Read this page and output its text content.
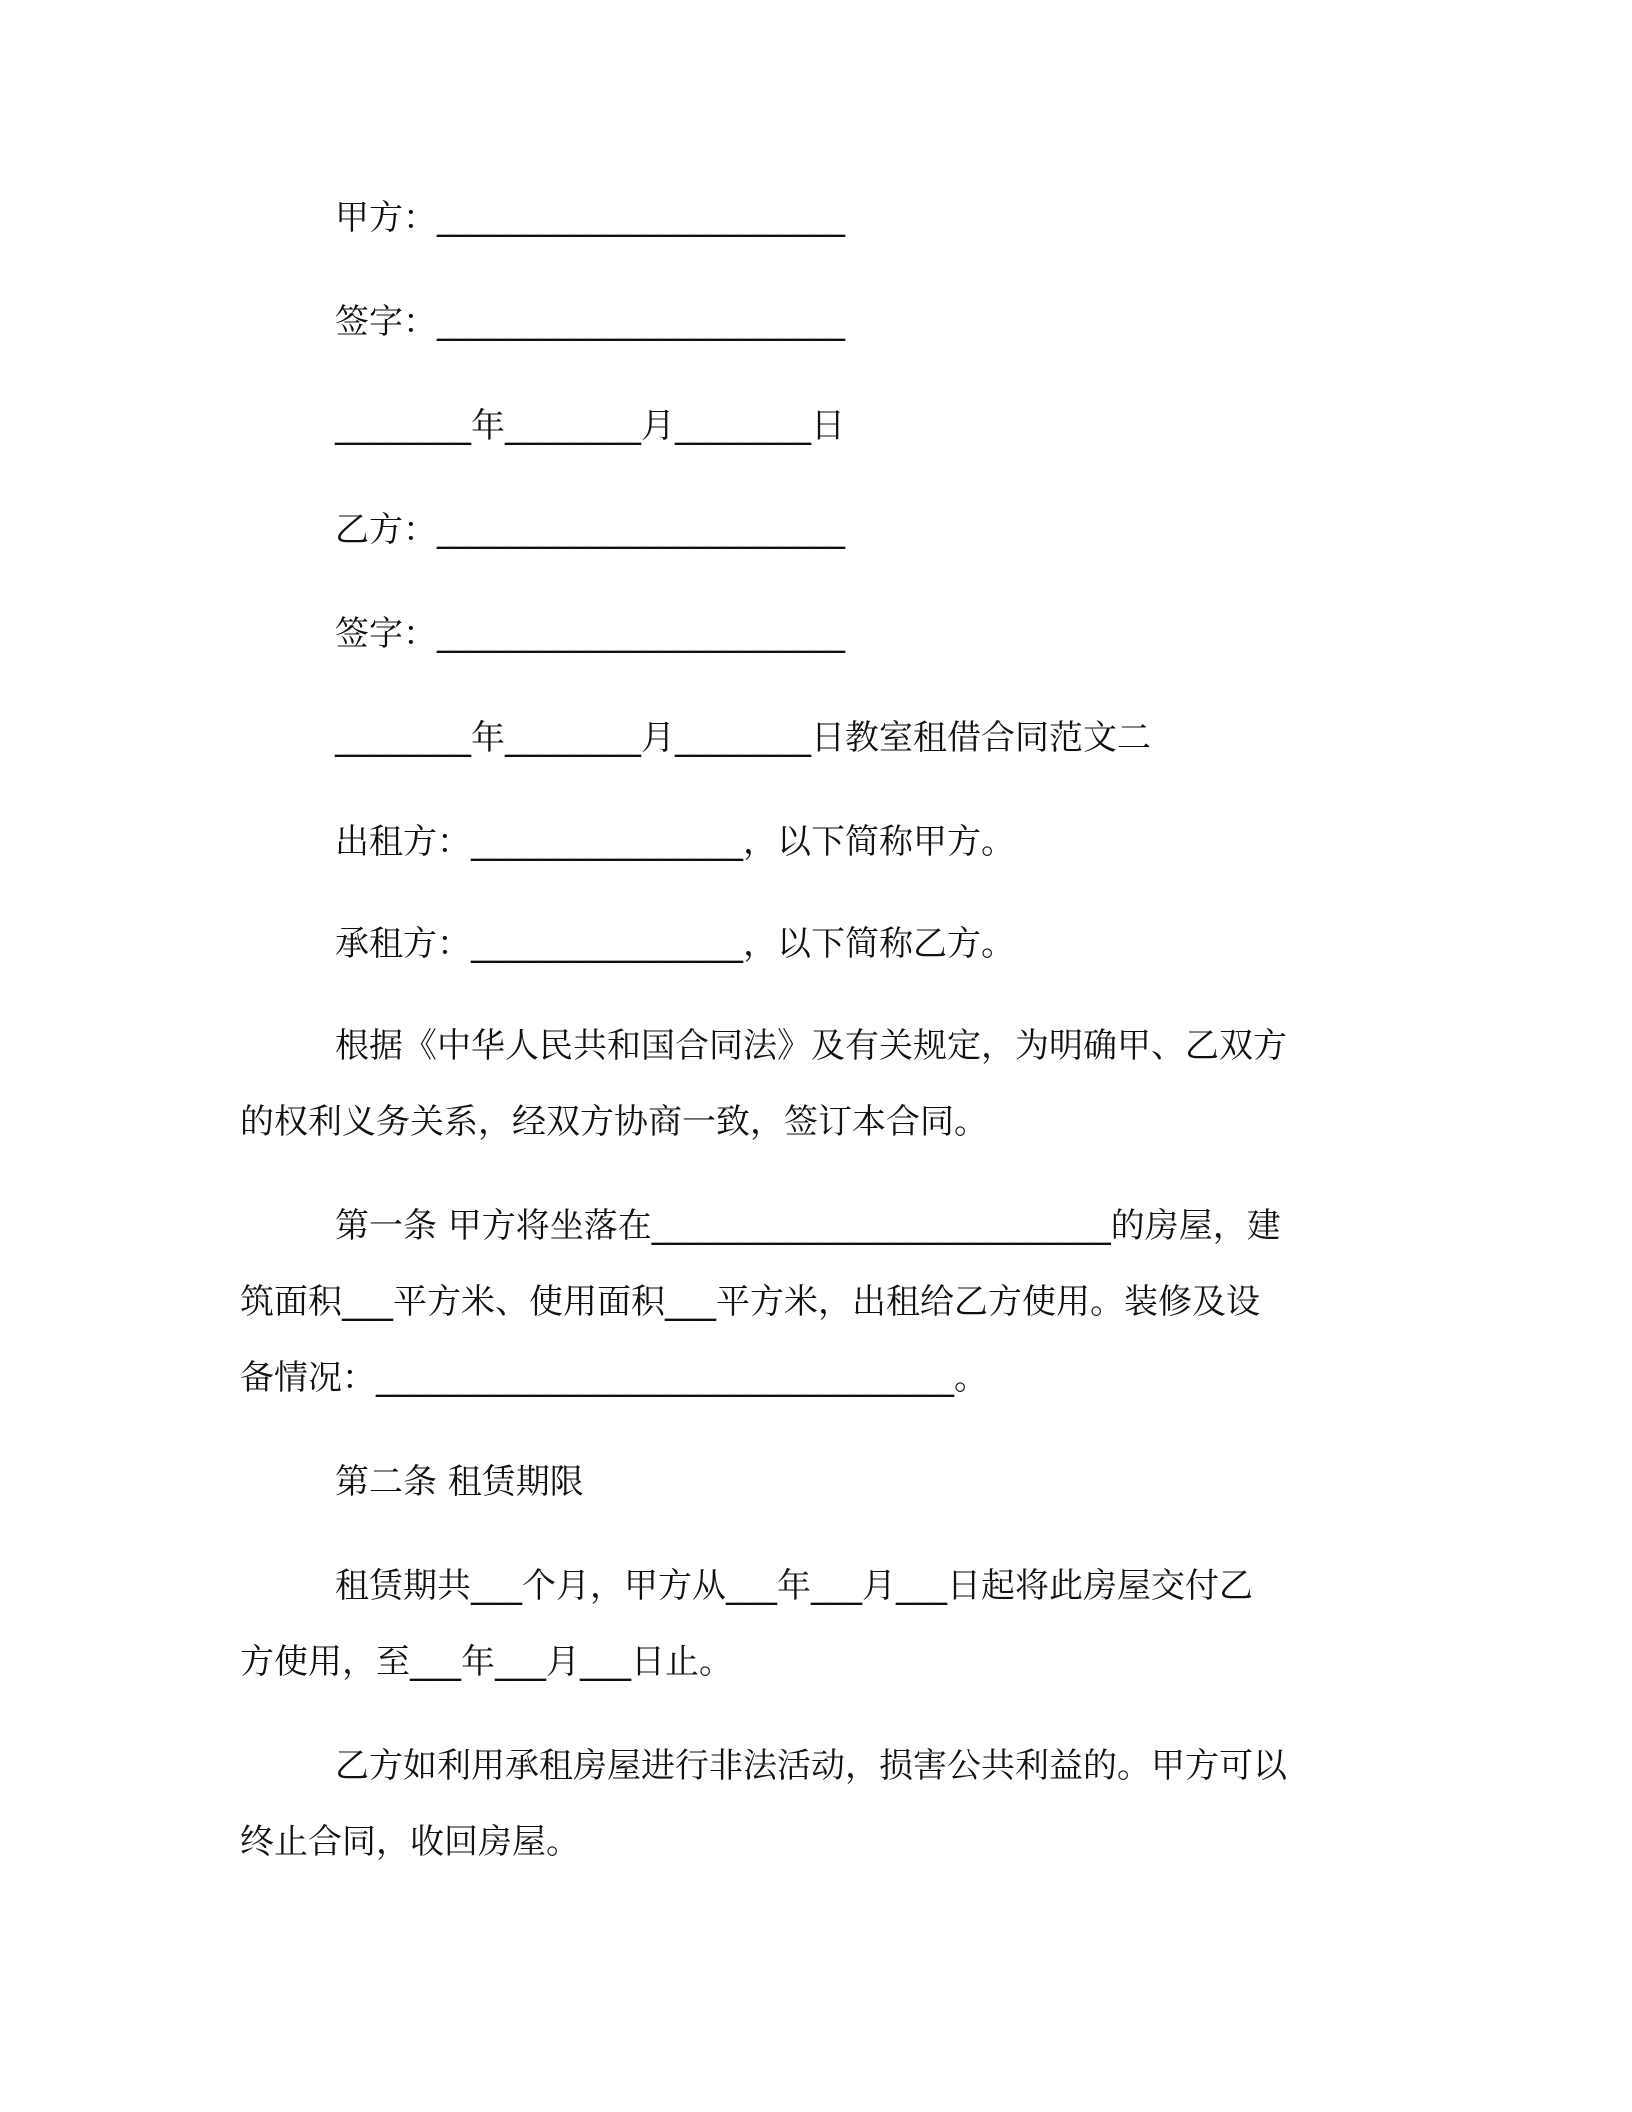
甲方：________________________
签字：________________________
________年________月________日
乙方：________________________
签字：________________________
________年________月________日教室租借合同范文二
出租方：________________，以下简称甲方。
承租方：________________，以下简称乙方。
根据《中华人民共和国合同法》及有关规定，为明确甲、乙双方
的权利义务关系，经双方协商一致，签订本合同。
第一条 甲方将坐落在___________________________的房屋，建
筑面积___平方米、使用面积___平方米，出租给乙方使用。装修及设
备情况：__________________________________。
第二条 租赁期限
租赁期共___个月，甲方从___年___月___日起将此房屋交付乙
方使用，至___年___月___日止。
乙方如利用承租房屋进行非法活动，损害公共利益的。甲方可以
终止合同，收回房屋。
